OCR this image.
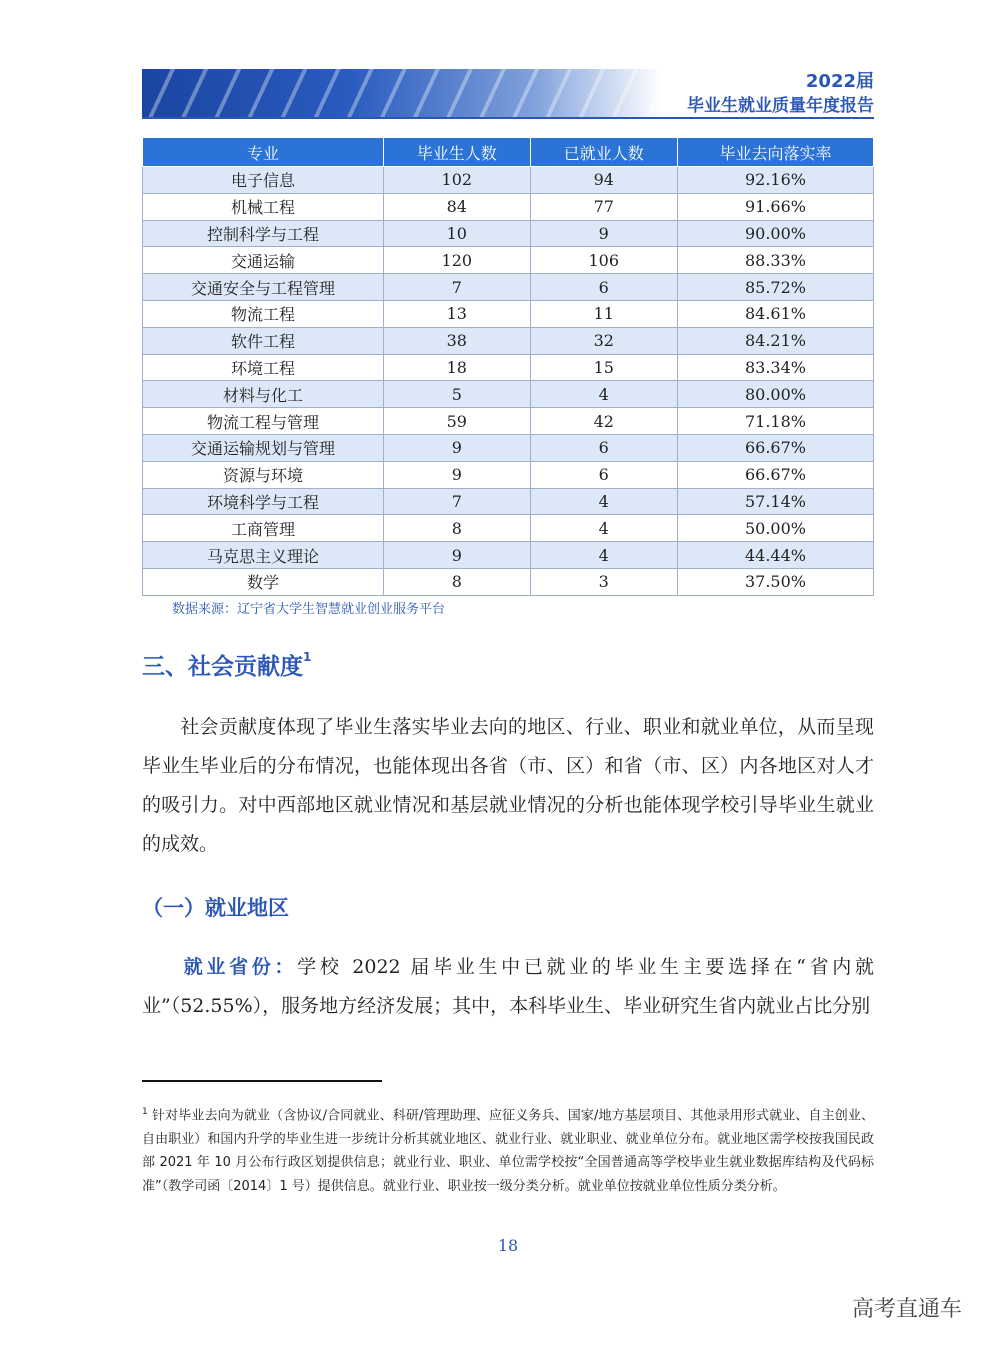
2022届
毕业生就业质量年度报告
专业	毕业生人数	已就业人数	毕业去向落实率
电子信息	102	94	92.16%
机械工程	84	77	91.66%
控制科学与工程	10	9	90.00%
交通运输	120	106	88.33%
交通安全与工程管理	7	6	85.72%
物流工程	13	11	84.61%
软件工程	38	32	84.21%
环境工程	18	15	83.34%
材料与化工	5	4	80.00%
物流工程与管理	59	42	71.18%
交通运输规划与管理	9	6	66.67%
资源与环境	9	6	66.67%
环境科学与工程	7	4	57.14%
工商管理	8	4	50.00%
马克思主义理论	9	4	44.44%
数学	8	3	37.50%
数据来源：辽宁省大学生智慧就业创业服务平台
三、社会贡献度$^1$

  社会贡献度体现了毕业生落实毕业去向的地区、行业、职业和就业单位，从而呈现毕业生毕业后的分布情况，也能体现出各省（市、区）和省（市、区）内各地区对人才的吸引力。对中西部地区就业情况和基层就业情况的分析也能体现学校引导毕业生就业的成效。

（一）就业地区

  就业省份：学校 2022 届毕业生中已就业的毕业生主要选择在“省内就业”（52.55%），服务地方经济发展；其中，本科毕业生、毕业研究生省内就业占比分别

$^1$ 针对毕业去向为就业（含协议/合同就业、科研/管理助理、应征义务兵、国家/地方基层项目、其他录用形式就业、自主创业、自由职业）和国内升学的毕业生进一步统计分析其就业地区、就业行业、就业职业、就业单位分布。就业地区需学校按我国民政部 2021 年 10 月公布行政区划提供信息；就业行业、职业、单位需学校按“全国普通高等学校毕业生就业数据库结构及代码标准”（教学司函〔2014〕1 号）提供信息。就业行业、职业按一级分类分析。就业单位按就业单位性质分类分析。

18
高考直通车
